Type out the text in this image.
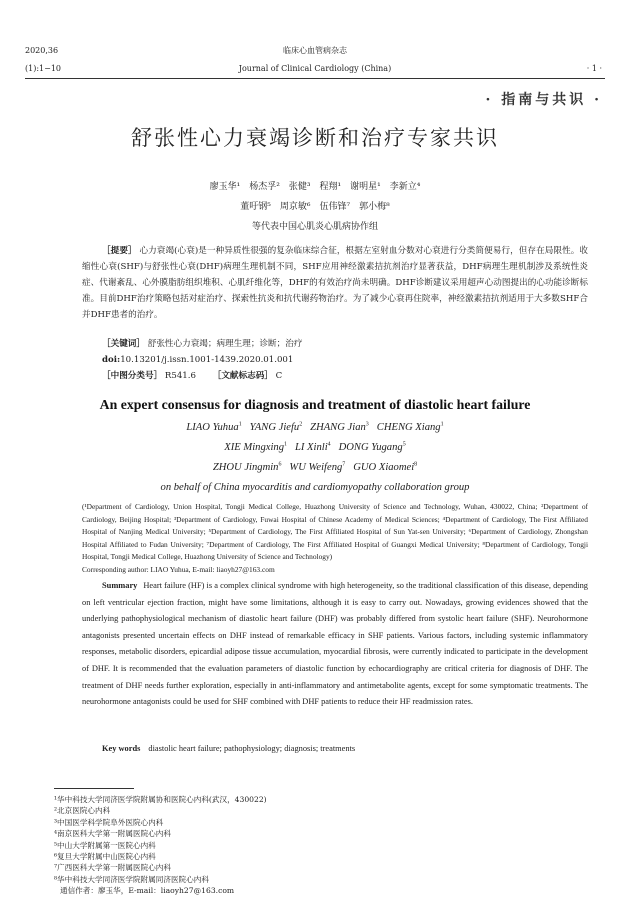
2020,36
(1):1−10
临床心血管病杂志
Journal of Clinical Cardiology (China)	· 1 ·
· 指南与共识 ·
舒张性心力衰竭诊断和治疗专家共识
廖玉华¹　杨杰孚²　张健³　程翔¹　谢明星¹　李新立⁴
董吁钢⁵　周京敏⁶　伍伟锋⁷　郭小梅⁸
等代表中国心肌炎心肌病协作组
［提要］ 心力衰竭(心衰)是一种异质性很强的复杂临床综合征，根据左室射血分数对心衰进行分类简便易行，但存在局限性。收缩性心衰(SHF)与舒张性心衰(DHF)病理生理机制不同，SHF应用神经激素拮抗剂治疗显著获益，DHF病理生理机制涉及系统性炎症、代谢紊乱、心外膜脂肪组织堆积、心肌纤维化等，DHF的有效治疗尚未明确。DHF诊断建议采用超声心动图提出的心功能诊断标准。目前DHF治疗策略包括对症治疗、探索性抗炎和抗代谢药物治疗。为了减少心衰再住院率，神经激素拮抗剂适用于大多数SHF合并DHF患者的治疗。
［关键词］ 舒张性心力衰竭；病理生理；诊断；治疗
doi:10.13201/j.issn.1001-1439.2020.01.001
［中图分类号］ R541.6 ［文献标志码］ C
An expert consensus for diagnosis and treatment of diastolic heart failure
LIAO Yuhua$^1$ YANG Jiefu$^2$ ZHANG Jian$^3$ CHENG Xiang$^1$
XIE Mingxing$^1$ LI Xinli$^4$ DONG Yugang$^5$
ZHOU Jingmin$^6$ WU Weifeng$^7$ GUO Xiaomei$^8$
on behalf of China myocarditis and cardiomyopathy collaboration group
(¹Department of Cardiology, Union Hospital, Tongji Medical College, Huazhong University of Science and Technology, Wuhan, 430022, China; ²Department of Cardiology, Beijing Hospital; ³Department of Cardiology, Fuwai Hospital of Chinese Academy of Medical Sciences; ⁴Department of Cardiology, The First Affiliated Hospital of Nanjing Medical University; ⁵Department of Cardiology, The First Affiliated Hospital of Sun Yat-sen University; ⁶Department of Cardiology, Zhongshan Hospital Affiliated to Fudan University; ⁷Department of Cardiology, The First Affiliated Hospital of Guangxi Medical University; ⁸Department of Cardiology, Tongji Hospital, Tongji Medical College, Huazhong University of Science and Technology)
Corresponding author: LIAO Yuhua, E-mail: liaoyh27@163.com
Summary Heart failure (HF) is a complex clinical syndrome with high heterogeneity, so the traditional classification of this disease, depending on left ventricular ejection fraction, might have some limitations, although it is easy to carry out. Nowadays, growing evidences showed that the underlying pathophysiological mechanism of diastolic heart failure (DHF) was probably differed from systolic heart failure (SHF). Neurohormone antagonists presented uncertain effects on DHF instead of remarkable efficacy in SHF patients. Various factors, including systemic inflammatory responses, metabolic disorders, epicardial adipose tissue accumulation, myocardial fibrosis, were currently indicated to participate in the development of DHF. It is recommended that the evaluation parameters of diastolic function by echocardiography are critical criteria for diagnosis of DHF. The treatment of DHF needs further exploration, especially in anti-inflammatory and antimetabolite agents, except for some symptomatic treatments. The neurohormone antagonists could be used for SHF combined with DHF patients to reduce their HF readmission rates.
Key words diastolic heart failure; pathophysiology; diagnosis; treatments
¹华中科技大学同济医学院附属协和医院心内科(武汉，430022)
²北京医院心内科
³中国医学科学院阜外医院心内科
⁴南京医科大学第一附属医院心内科
⁵中山大学附属第一医院心内科
⁶复旦大学附属中山医院心内科
⁷广西医科大学第一附属医院心内科
⁸华中科技大学同济医学院附属同济医院心内科
通信作者：廖玉华，E-mail：liaoyh27@163.com
